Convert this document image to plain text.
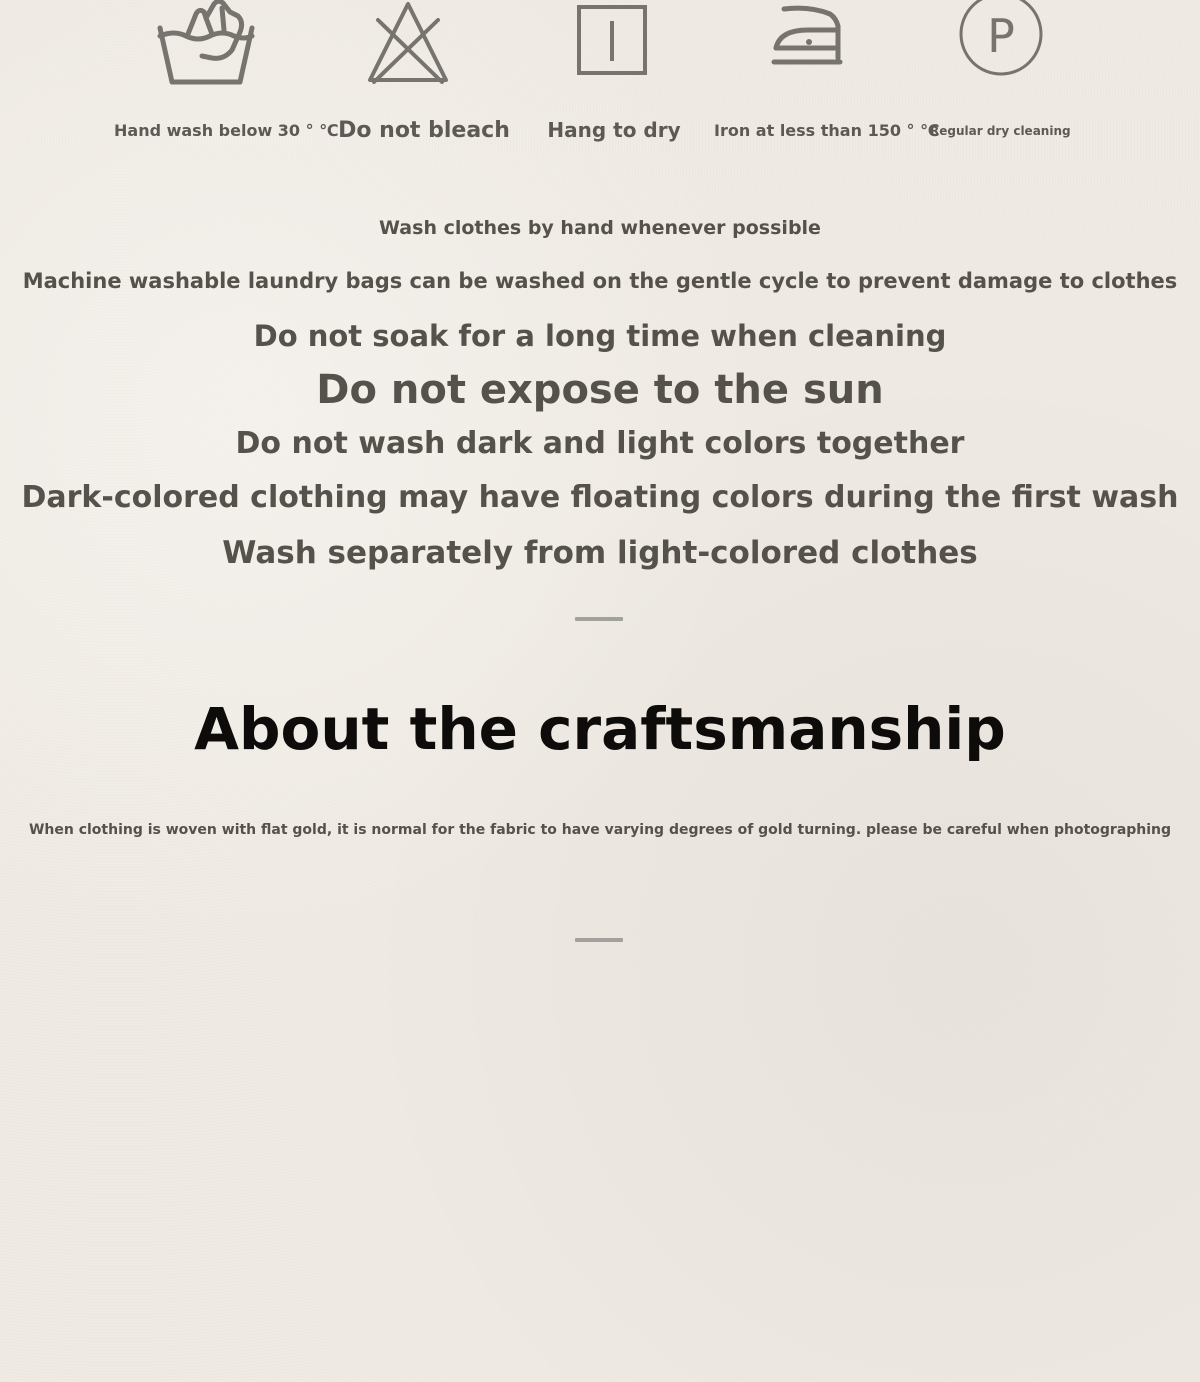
P
Hand wash below 30 ° ℃ Do not bleach Hang to dry Iron at less than 150 ° ℃
Regular dry cleaning
Wash clothes by hand whenever possible
Machine washable laundry bags can be washed on the gentle cycle to prevent damage to clothes
Do not soak for a long time when cleaning
Do not expose to the sun
Do not wash dark and light colors together
Dark-colored clothing may have floating colors during the first wash
Wash separately from light-colored clothes
About the craftsmanship
When clothing is woven with flat gold, it is normal for the fabric to have varying degrees of gold turning. please be careful when photographing
